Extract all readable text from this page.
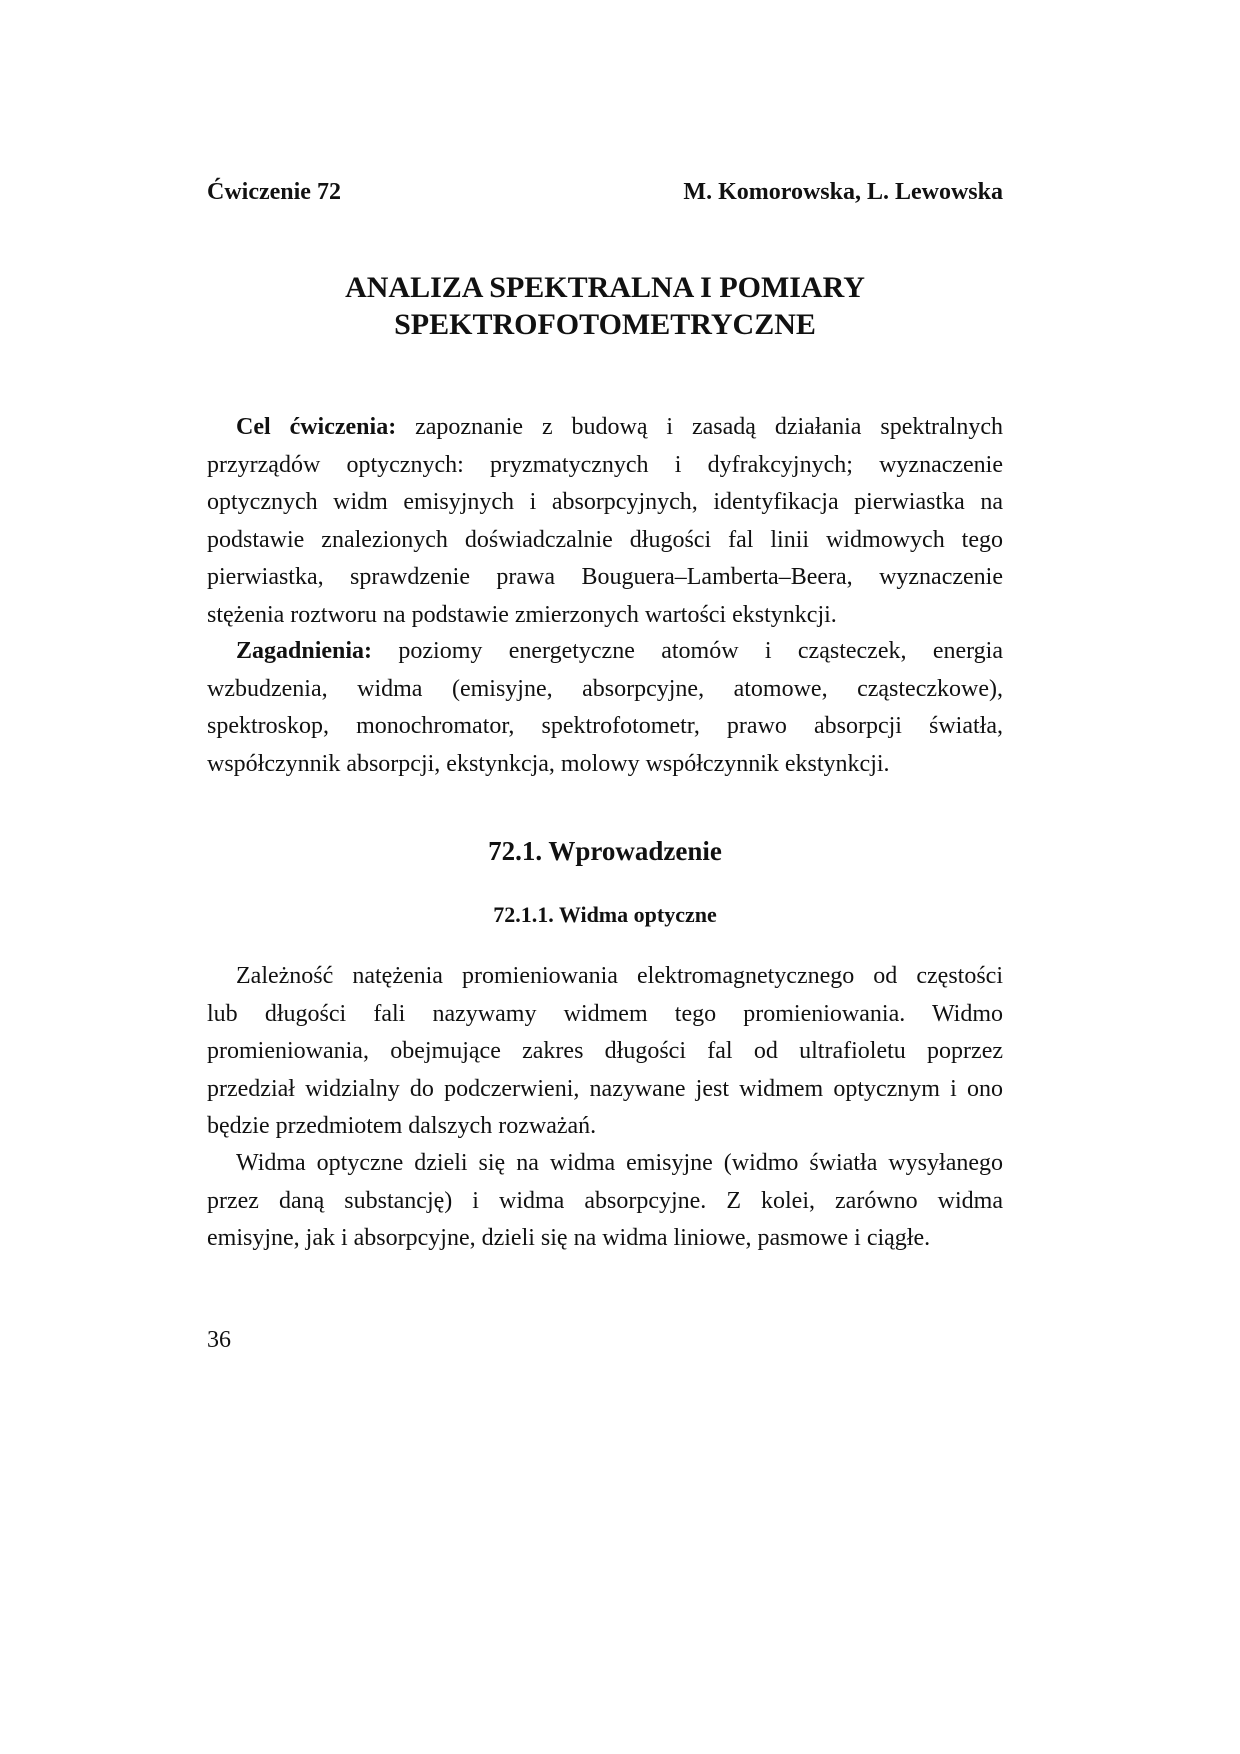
Ćwiczenie 72	M. Komorowska, L. Lewowska
ANALIZA SPEKTRALNA I POMIARY
SPEKTROFOTOMETRYCZNE
Cel ćwiczenia: zapoznanie z budową i zasadą działania spektralnych
przyrządów optycznych: pryzmatycznych i dyfrakcyjnych; wyznaczenie
optycznych widm emisyjnych i absorpcyjnych, identyfikacja pierwiastka na
podstawie znalezionych doświadczalnie długości fal linii widmowych tego
pierwiastka, sprawdzenie prawa Bouguera–Lamberta–Beera, wyznaczenie
stężenia roztworu na podstawie zmierzonych wartości ekstynkcji.
Zagadnienia: poziomy energetyczne atomów i cząsteczek, energia
wzbudzenia, widma (emisyjne, absorpcyjne, atomowe, cząsteczkowe),
spektroskop, monochromator, spektrofotometr, prawo absorpcji światła,
współczynnik absorpcji, ekstynkcja, molowy współczynnik ekstynkcji.
72.1. Wprowadzenie
72.1.1. Widma optyczne
Zależność natężenia promieniowania elektromagnetycznego od częstości
lub długości fali nazywamy widmem tego promieniowania. Widmo
promieniowania, obejmujące zakres długości fal od ultrafioletu poprzez
przedział widzialny do podczerwieni, nazywane jest widmem optycznym i ono
będzie przedmiotem dalszych rozważań.
Widma optyczne dzieli się na widma emisyjne (widmo światła wysyłanego
przez daną substancję) i widma absorpcyjne. Z kolei, zarówno widma
emisyjne, jak i absorpcyjne, dzieli się na widma liniowe, pasmowe i ciągłe.
36
